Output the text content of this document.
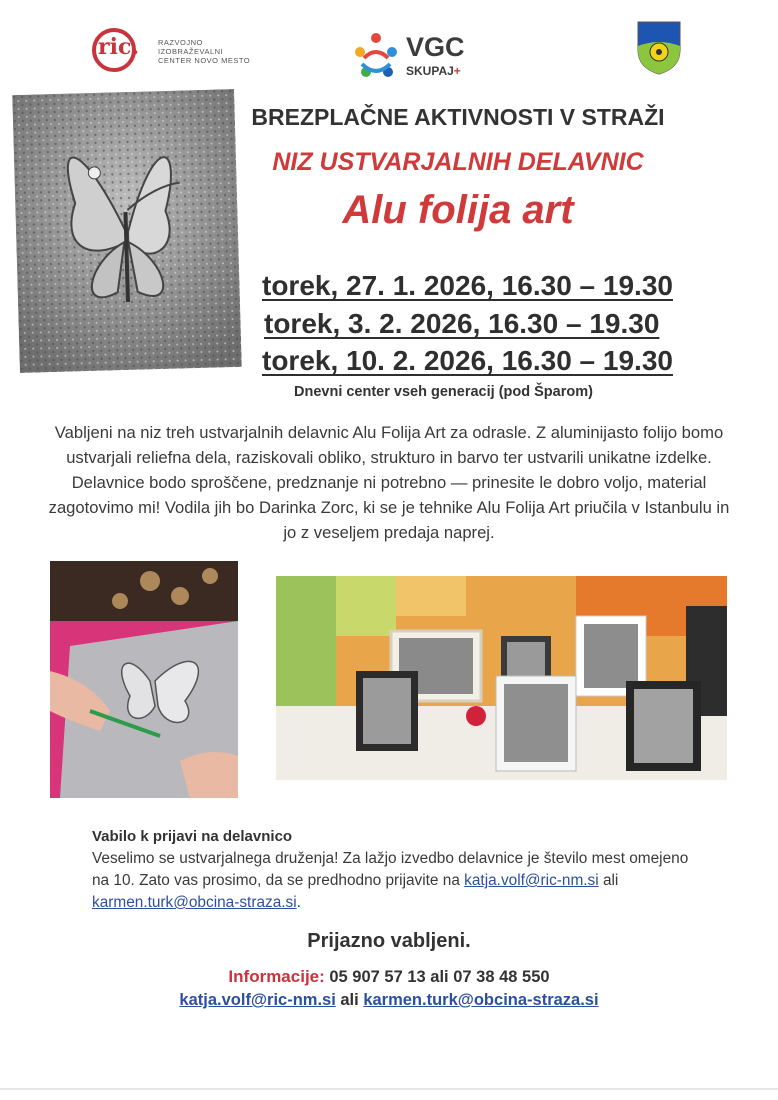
ric.	RAZVOJNO
IZOBRAŽEVALNI
CENTER NOVO MESTO	VGC
SKUPAJ+
BREZPLAČNE AKTIVNOSTI V STRAŽI
NIZ USTVARJALNIH DELAVNIC
Alu folija art
torek, 27. 1. 2026, 16.30 – 19.30
torek, 3. 2. 2026, 16.30 – 19.30
torek, 10. 2. 2026, 16.30 – 19.30
Dnevni center vseh generacij (pod Šparom)
Vabljeni na niz treh ustvarjalnih delavnic Alu Folija Art za odrasle. Z aluminijasto folijo bomo ustvarjali reliefna dela, raziskovali obliko, strukturo in barvo ter ustvarili unikatne izdelke. Delavnice bodo sproščene, predznanje ni potrebno — prinesite le dobro voljo, material zagotovimo mi! Vodila jih bo Darinka Zorc, ki se je tehnike Alu Folija Art priučila v Istanbulu in jo z veseljem predaja naprej.
Vabilo k prijavi na delavnico
Veselimo se ustvarjalnega druženja! Za lažjo izvedbo delavnice je število mest omejeno na 10. Zato vas prosimo, da se predhodno prijavite na katja.volf@ric-nm.si ali karmen.turk@obcina-straza.si.
Prijazno vabljeni.
Informacije: 05 907 57 13 ali 07 38 48 550
katja.volf@ric-nm.si ali karmen.turk@obcina-straza.si
